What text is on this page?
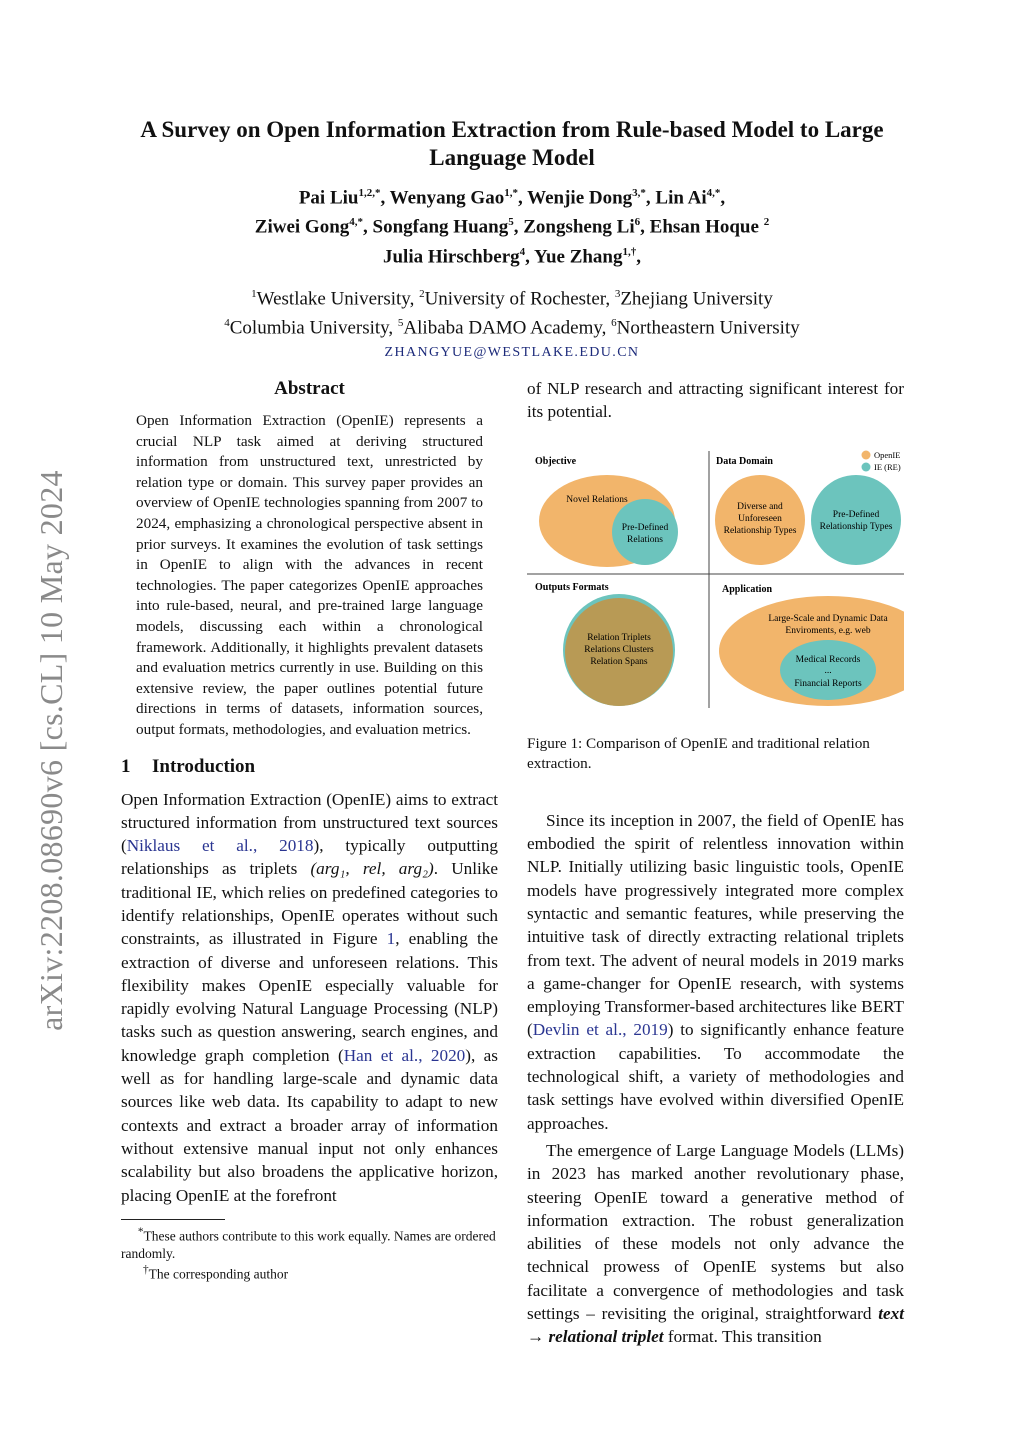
arXiv:2208.08690v6 [cs.CL] 10 May 2024
A Survey on Open Information Extraction from Rule-based Model to Large Language Model
Pai Liu$^{1,2,*}$, Wenyang Gao$^{1,*}$, Wenjie Dong$^{3,*}$, Lin $Ai^{4,*}$,
Ziwei Gong$^{4,*}$, Songfang Huang$^5$, Zongsheng Li$^6$, Ehsan Hoque $^2$
Julia Hirschberg$^4$, Yue Zhang$^{1,\dagger}$,
$^1$Westlake University, $^2$University of Rochester, $^3$Zhejiang University
$^4$Columbia University, $^5$Alibaba DAMO Academy, $^6$Northeastern University
ZHANGYUE@WESTLAKE.EDU.CN
Abstract

Open Information Extraction (OpenIE) represents a crucial NLP task aimed at deriving structured information from unstructured text, unrestricted by relation type or domain. This survey paper provides an overview of OpenIE technologies spanning from 2007 to 2024, emphasizing a chronological perspective absent in prior surveys. It examines the evolution of task settings in OpenIE to align with the advances in recent technologies. The paper categorizes OpenIE approaches into rule-based, neural, and pre-trained large language models, discussing each within a chronological framework. Additionally, it highlights prevalent datasets and evaluation metrics currently in use. Building on this extensive review, the paper outlines potential future directions in terms of datasets, information sources, output formats, methodologies, and evaluation metrics.

1 Introduction

Open Information Extraction (OpenIE) aims to extract structured information from unstructured text sources (Niklaus et al., 2018), typically outputting relationships as triplets (arg₁, rel, arg₂). Unlike traditional IE, which relies on predefined categories to identify relationships, OpenIE operates without such constraints, as illustrated in Figure 1, enabling the extraction of diverse and unforeseen relations. This flexibility makes OpenIE especially valuable for rapidly evolving Natural Language Processing (NLP) tasks such as question answering, search engines, and knowledge graph completion (Han et al., 2020), as well as for handling large-scale and dynamic data sources like web data. Its capability to adapt to new contexts and extract a broader array of information without extensive manual input not only enhances scalability but also broadens the applicative horizon, placing OpenIE at the forefront

*These authors contribute to this work equally. Names are ordered randomly.

†The corresponding author

of NLP research and attracting significant interest for its potential.

OpenIE
IE (RE)
Objective
Novel Relations
Pre-Defined
Relations
Data Domain
Diverse and
Unforeseen
Relationship Types
Pre-Defined
Relationship Types
Outputs Formats
Relation Triplets
Relations Clusters
Relation Spans
Application
Large-Scale and Dynamic Data
Enviroments, e.g. web
Medical Records
...
Financial Reports

Figure 1: Comparison of OpenIE and traditional relation extraction.

Since its inception in 2007, the field of OpenIE has embodied the spirit of relentless innovation within NLP. Initially utilizing basic linguistic tools, OpenIE models have progressively integrated more complex syntactic and semantic features, while preserving the intuitive task of directly extracting relational triplets from text. The advent of neural models in 2019 marks a game-changer for OpenIE research, with systems employing Transformer-based architectures like BERT (Devlin et al., 2019) to significantly enhance feature extraction capabilities. To accommodate the technological shift, a variety of methodologies and task settings have evolved within diversified OpenIE approaches.

The emergence of Large Language Models (LLMs) in 2023 has marked another revolutionary phase, steering OpenIE toward a generative method of information extraction. The robust generalization abilities of these models not only advance the technical prowess of OpenIE systems but also facilitate a convergence of methodologies and task settings – revisiting the original, straightforward text → relational triplet format. This transition
